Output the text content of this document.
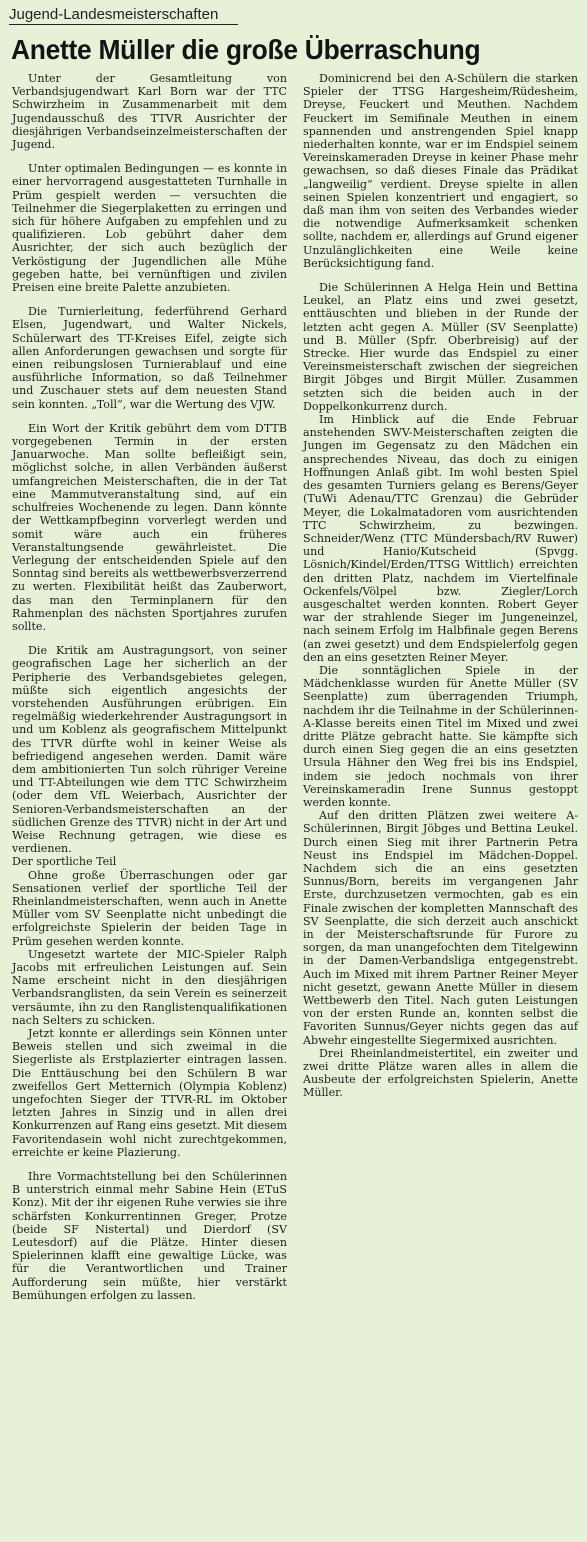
Jugend-Landesmeisterschaften
Anette Müller die große Überraschung

Unter der Gesamtleitung von Verbandsjugendwart Karl Born war der TTC Schwirzheim in Zusammenarbeit mit dem Jugendausschuß des TTVR Ausrichter der diesjährigen Verbandseinzelmeisterschaften der Jugend.

Unter optimalen Bedingungen — es konnte in einer hervorragend ausgestatteten Turnhalle in Prüm gespielt werden — versuchten die Teilnehmer die Siegerplaketten zu erringen und sich für höhere Aufgaben zu empfehlen und zu qualifizieren. Lob gebührt daher dem Ausrichter, der sich auch bezüglich der Verköstigung der Jugendlichen alle Mühe gegeben hatte, bei vernünftigen und zivilen Preisen eine breite Palette anzubieten.

Die Turnierleitung, federführend Gerhard Elsen, Jugendwart, und Walter Nickels, Schülerwart des TT-Kreises Eifel, zeigte sich allen Anforderungen gewachsen und sorgte für einen reibungslosen Turnierablauf und eine ausführliche Information, so daß Teilnehmer und Zuschauer stets auf dem neuesten Stand sein konnten. „Toll“, war die Wertung des VJW.

Ein Wort der Kritik gebührt dem vom DTTB vorgegebenen Termin in der ersten Januarwoche. Man sollte befleißigt sein, möglichst solche, in allen Verbänden äußerst umfangreichen Meisterschaften, die in der Tat eine Mammutveranstaltung sind, auf ein schulfreies Wochenende zu legen. Dann könnte der Wettkampfbeginn vorverlegt werden und somit wäre auch ein früheres Veranstaltungsende gewährleistet. Die Verlegung der entscheidenden Spiele auf den Sonntag sind bereits als wettbewerbsverzerrend zu werten. Flexibilität heißt das Zauberwort, das man den Terminplanern für den Rahmenplan des nächsten Sportjahres zurufen sollte.

Die Kritik am Austragungsort, von seiner geografischen Lage her sicherlich an der Peripherie des Verbandsgebietes gelegen, müßte sich eigentlich angesichts der vorstehenden Ausführungen erübrigen. Ein regelmäßig wiederkehrender Austragungsort in und um Koblenz als geografischem Mittelpunkt des TTVR dürfte wohl in keiner Weise als befriedigend angesehen werden. Damit wäre dem ambitionierten Tun solch rühriger Vereine und TT-Abteilungen wie dem TTC Schwirzheim (oder dem VfL Weierbach, Ausrichter der Senioren-Verbandsmeisterschaften an der südlichen Grenze des TTVR) nicht in der Art und Weise Rechnung getragen, wie diese es verdienen.

Der sportliche Teil

Ohne große Überraschungen oder gar Sensationen verlief der sportliche Teil der Rheinlandmeisterschaften, wenn auch in Anette Müller vom SV Seenplatte nicht unbedingt die erfolgreichste Spielerin der beiden Tage in Prüm gesehen werden konnte.

Ungesetzt wartete der MIC-Spieler Ralph Jacobs mit erfreulichen Leistungen auf. Sein Name erscheint nicht in den diesjährigen Verbandsranglisten, da sein Verein es seinerzeit versäumte, ihn zu den Ranglistenqualifikationen nach Selters zu schicken.

Jetzt konnte er allerdings sein Können unter Beweis stellen und sich zweimal in die Siegerliste als Erstplazierter eintragen lassen. Die Enttäuschung bei den Schülern B war zweifellos Gert Metternich (Olympia Koblenz) ungefochten Sieger der TTVR-RL im Oktober letzten Jahres in Sinzig und in allen drei Konkurrenzen auf Rang eins gesetzt. Mit diesem Favoritendasein wohl nicht zurechtgekommen, erreichte er keine Plazierung.

Ihre Vormachtstellung bei den Schülerinnen B unterstrich einmal mehr Sabine Hein (ETuS Konz). Mit der ihr eigenen Ruhe verwies sie ihre schärfsten Konkurrentinnen Greger, Protze (beide SF Nistertal) und Dierdorf (SV Leutesdorf) auf die Plätze. Hinter diesen Spielerinnen klafft eine gewaltige Lücke, was für die Verantwortlichen und Trainer Aufforderung sein müßte, hier verstärkt Bemühungen erfolgen zu lassen.

Dominicrend bei den A-Schülern die starken Spieler der TTSG Hargesheim/Rüdesheim, Dreyse, Feuckert und Meuthen. Nachdem Feuckert im Semifinale Meuthen in einem spannenden und anstrengenden Spiel knapp niederhalten konnte, war er im Endspiel seinem Vereinskameraden Dreyse in keiner Phase mehr gewachsen, so daß dieses Finale das Prädikat „langweilig“ verdient. Dreyse spielte in allen seinen Spielen konzentriert und engagiert, so daß man ihm von seiten des Verbandes wieder die notwendige Aufmerksamkeit schenken sollte, nachdem er, allerdings auf Grund eigener Unzulänglichkeiten eine Weile keine Berücksichtigung fand.

Die Schülerinnen A Helga Hein und Bettina Leukel, an Platz eins und zwei gesetzt, enttäuschten und blieben in der Runde der letzten acht gegen A. Müller (SV Seenplatte) und B. Müller (Spfr. Oberbreisig) auf der Strecke. Hier wurde das Endspiel zu einer Vereinsmeisterschaft zwischen der siegreichen Birgit Jöbges und Birgit Müller. Zusammen setzten sich die beiden auch in der Doppelkonkurrenz durch.

Im Hinblick auf die Ende Februar anstehenden SWV-Meisterschaften zeigten die Jungen im Gegensatz zu den Mädchen ein ansprechendes Niveau, das doch zu einigen Hoffnungen Anlaß gibt. Im wohl besten Spiel des gesamten Turniers gelang es Berens/Geyer (TuWi Adenau/TTC Grenzau) die Gebrüder Meyer, die Lokalmatadoren vom ausrichtenden TTC Schwirzheim, zu bezwingen. Schneider/Wenz (TTC Mündersbach/RV Ruwer) und Hanio/Kutscheid (Spvgg. Lösnich/Kindel/Erden/TTSG Wittlich) erreichten den dritten Platz, nachdem im Viertelfinale Ockenfels/Völpel bzw. Ziegler/Lorch ausgeschaltet werden konnten. Robert Geyer war der strahlende Sieger im Jungeneinzel, nach seinem Erfolg im Halbfinale gegen Berens (an zwei gesetzt) und dem Endspielerfolg gegen den an eins gesetzten Reiner Meyer.

Die sonntäglichen Spiele in der Mädchenklasse wurden für Anette Müller (SV Seenplatte) zum überragenden Triumph, nachdem ihr die Teilnahme in der Schülerinnen-A-Klasse bereits einen Titel im Mixed und zwei dritte Plätze gebracht hatte. Sie kämpfte sich durch einen Sieg gegen die an eins gesetzten Ursula Hähner den Weg frei bis ins Endspiel, indem sie jedoch nochmals von ihrer Vereinskameradin Irene Sunnus gestoppt werden konnte.

Auf den dritten Plätzen zwei weitere A-Schülerinnen, Birgit Jöbges und Bettina Leukel. Durch einen Sieg mit ihrer Partnerin Petra Neust ins Endspiel im Mädchen-Doppel. Nachdem sich die an eins gesetzten Sunnus/Born, bereits im vergangenen Jahr Erste, durchzusetzen vermochten, gab es ein Finale zwischen der kompletten Mannschaft des SV Seenplatte, die sich derzeit auch anschickt in der Meisterschaftsrunde für Furore zu sorgen, da man unangefochten dem Titelgewinn in der Damen-Verbandsliga entgegenstrebt. Auch im Mixed mit ihrem Partner Reiner Meyer nicht gesetzt, gewann Anette Müller in diesem Wettbewerb den Titel. Nach guten Leistungen von der ersten Runde an, konnten selbst die Favoriten Sunnus/Geyer nichts gegen das auf Abwehr eingestellte Siegermixed ausrichten.

Drei Rheinlandmeistertitel, ein zweiter und zwei dritte Plätze waren alles in allem die Ausbeute der erfolgreichsten Spielerin, Anette Müller.
